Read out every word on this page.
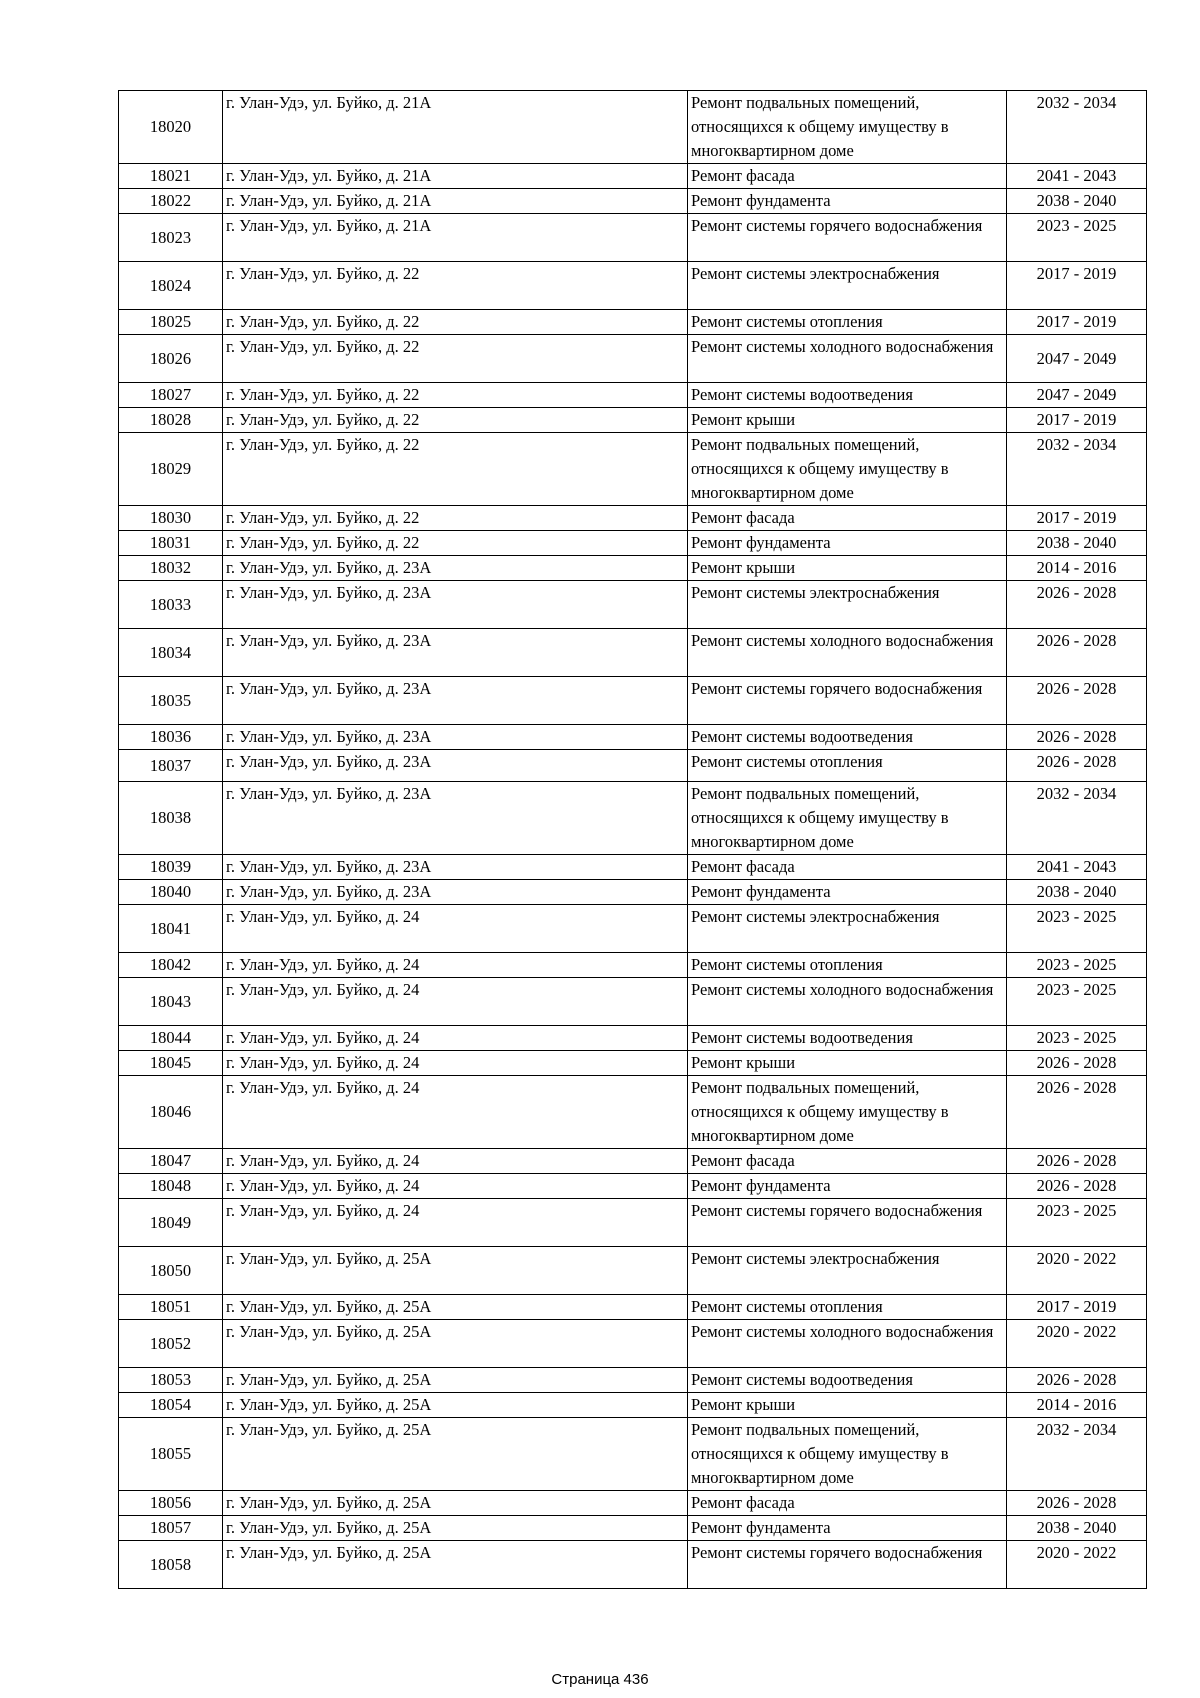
18020	г. Улан-Удэ, ул. Буйко, д. 21А	Ремонт подвальных помещений, относящихся к общему имуществу в многоквартирном доме	2032 - 2034
18021	г. Улан-Удэ, ул. Буйко, д. 21А	Ремонт фасада	2041 - 2043
18022	г. Улан-Удэ, ул. Буйко, д. 21А	Ремонт фундамента	2038 - 2040
18023	г. Улан-Удэ, ул. Буйко, д. 21А	Ремонт системы горячего водоснабжения	2023 - 2025
18024	г. Улан-Удэ, ул. Буйко, д. 22	Ремонт системы электроснабжения	2017 - 2019
18025	г. Улан-Удэ, ул. Буйко, д. 22	Ремонт системы отопления	2017 - 2019
18026	г. Улан-Удэ, ул. Буйко, д. 22	Ремонт системы холодного водоснабжения	2047 - 2049
18027	г. Улан-Удэ, ул. Буйко, д. 22	Ремонт системы водоотведения	2047 - 2049
18028	г. Улан-Удэ, ул. Буйко, д. 22	Ремонт крыши	2017 - 2019
18029	г. Улан-Удэ, ул. Буйко, д. 22	Ремонт подвальных помещений, относящихся к общему имуществу в многоквартирном доме	2032 - 2034
18030	г. Улан-Удэ, ул. Буйко, д. 22	Ремонт фасада	2017 - 2019
18031	г. Улан-Удэ, ул. Буйко, д. 22	Ремонт фундамента	2038 - 2040
18032	г. Улан-Удэ, ул. Буйко, д. 23А	Ремонт крыши	2014 - 2016
18033	г. Улан-Удэ, ул. Буйко, д. 23А	Ремонт системы электроснабжения	2026 - 2028
18034	г. Улан-Удэ, ул. Буйко, д. 23А	Ремонт системы холодного водоснабжения	2026 - 2028
18035	г. Улан-Удэ, ул. Буйко, д. 23А	Ремонт системы горячего водоснабжения	2026 - 2028
18036	г. Улан-Удэ, ул. Буйко, д. 23А	Ремонт системы водоотведения	2026 - 2028
18037	г. Улан-Удэ, ул. Буйко, д. 23А	Ремонт системы отопления	2026 - 2028
18038	г. Улан-Удэ, ул. Буйко, д. 23А	Ремонт подвальных помещений, относящихся к общему имуществу в многоквартирном доме	2032 - 2034
18039	г. Улан-Удэ, ул. Буйко, д. 23А	Ремонт фасада	2041 - 2043
18040	г. Улан-Удэ, ул. Буйко, д. 23А	Ремонт фундамента	2038 - 2040
18041	г. Улан-Удэ, ул. Буйко, д. 24	Ремонт системы электроснабжения	2023 - 2025
18042	г. Улан-Удэ, ул. Буйко, д. 24	Ремонт системы отопления	2023 - 2025
18043	г. Улан-Удэ, ул. Буйко, д. 24	Ремонт системы холодного водоснабжения	2023 - 2025
18044	г. Улан-Удэ, ул. Буйко, д. 24	Ремонт системы водоотведения	2023 - 2025
18045	г. Улан-Удэ, ул. Буйко, д. 24	Ремонт крыши	2026 - 2028
18046	г. Улан-Удэ, ул. Буйко, д. 24	Ремонт подвальных помещений, относящихся к общему имуществу в многоквартирном доме	2026 - 2028
18047	г. Улан-Удэ, ул. Буйко, д. 24	Ремонт фасада	2026 - 2028
18048	г. Улан-Удэ, ул. Буйко, д. 24	Ремонт фундамента	2026 - 2028
18049	г. Улан-Удэ, ул. Буйко, д. 24	Ремонт системы горячего водоснабжения	2023 - 2025
18050	г. Улан-Удэ, ул. Буйко, д. 25А	Ремонт системы электроснабжения	2020 - 2022
18051	г. Улан-Удэ, ул. Буйко, д. 25А	Ремонт системы отопления	2017 - 2019
18052	г. Улан-Удэ, ул. Буйко, д. 25А	Ремонт системы холодного водоснабжения	2020 - 2022
18053	г. Улан-Удэ, ул. Буйко, д. 25А	Ремонт системы водоотведения	2026 - 2028
18054	г. Улан-Удэ, ул. Буйко, д. 25А	Ремонт крыши	2014 - 2016
18055	г. Улан-Удэ, ул. Буйко, д. 25А	Ремонт подвальных помещений, относящихся к общему имуществу в многоквартирном доме	2032 - 2034
18056	г. Улан-Удэ, ул. Буйко, д. 25А	Ремонт фасада	2026 - 2028
18057	г. Улан-Удэ, ул. Буйко, д. 25А	Ремонт фундамента	2038 - 2040
18058	г. Улан-Удэ, ул. Буйко, д. 25А	Ремонт системы горячего водоснабжения	2020 - 2022
Страница 436
